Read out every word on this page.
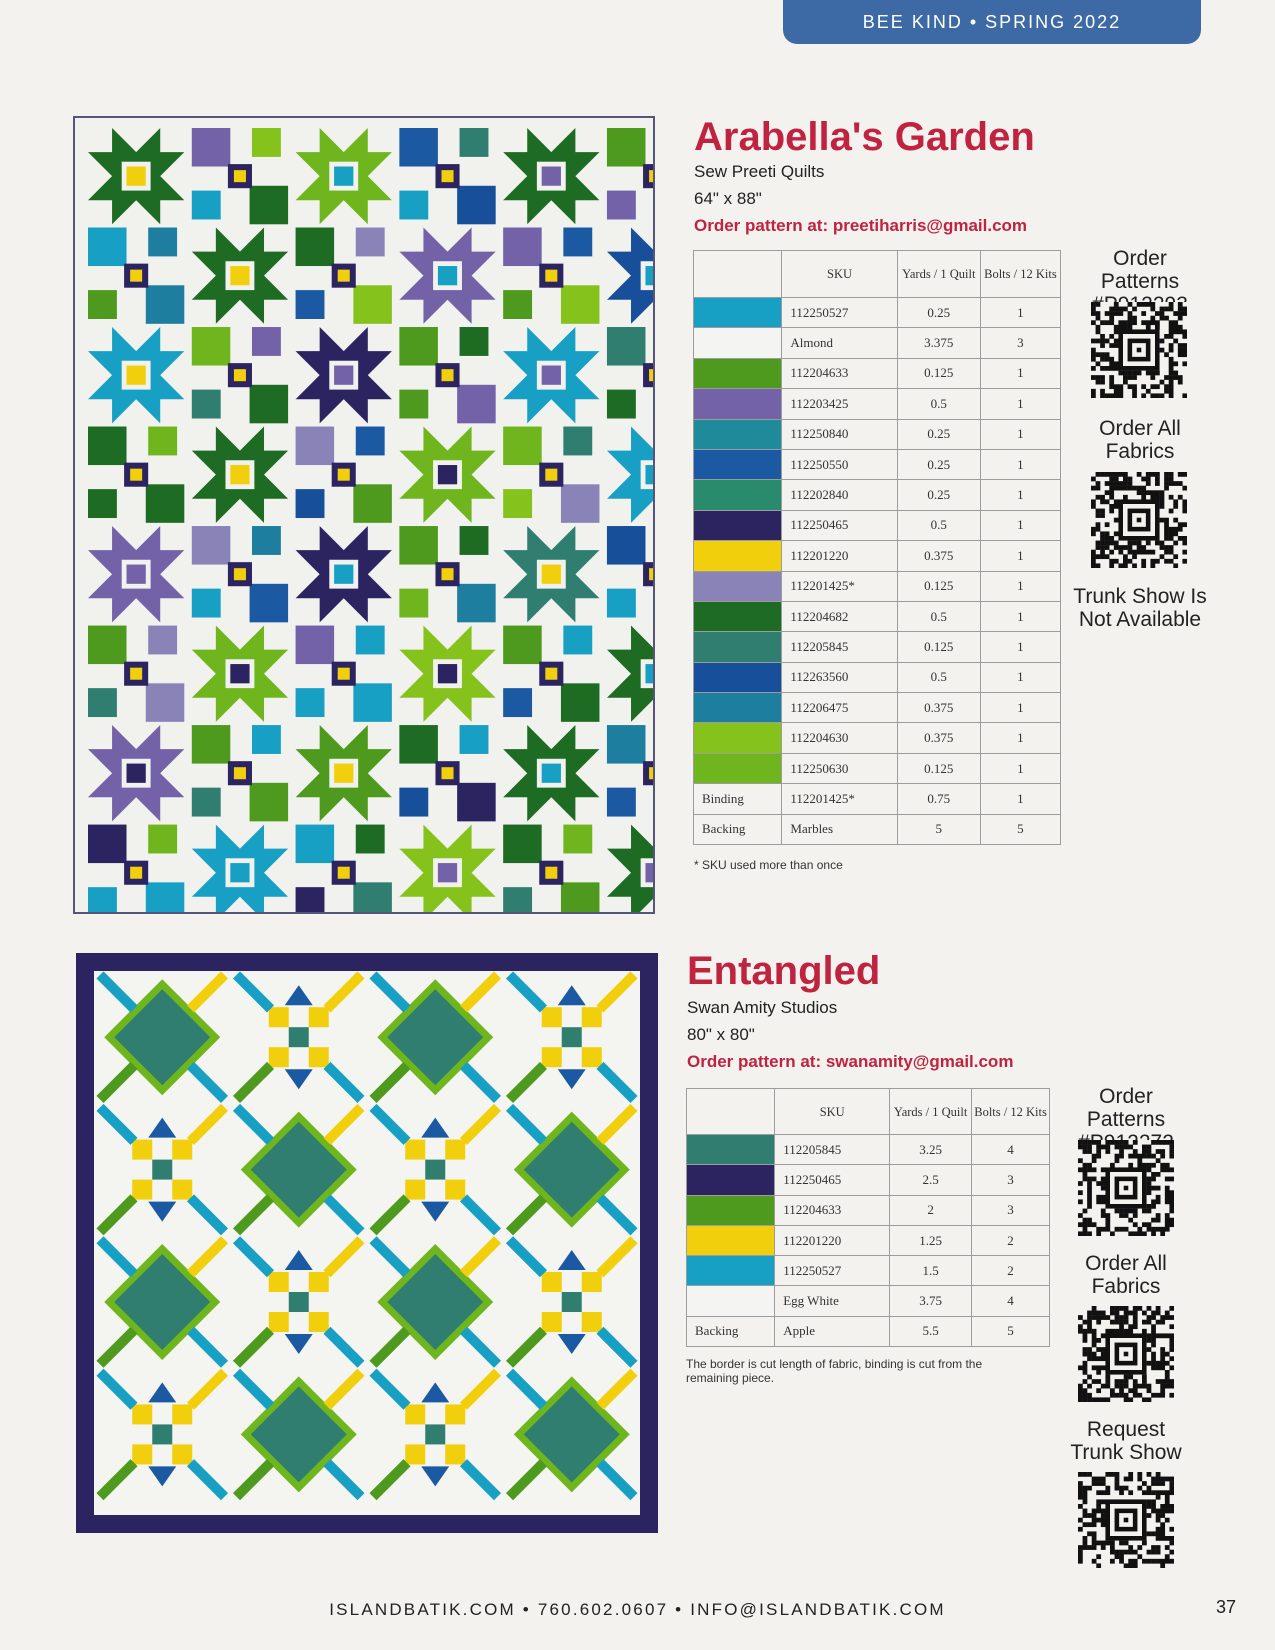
BEE KIND • SPRING 2022
Arabella's Garden
Sew Preeti Quilts
64" x 88"
Order pattern at: preetiharris@gmail.com
	SKU	Yards / 1 Quilt	Bolts / 12 Kits
	112250527	0.25	1
	Almond	3.375	3
	112204633	0.125	1
	112203425	0.5	1
	112250840	0.25	1
	112250550	0.25	1
	112202840	0.25	1
	112250465	0.5	1
	112201220	0.375	1
	112201425*	0.125	1
	112204682	0.5	1
	112205845	0.125	1
	112263560	0.5	1
	112206475	0.375	1
	112204630	0.375	1
	112250630	0.125	1
Binding	112201425*	0.75	1
Backing	Marbles	5	5
* SKU used more than once
Order Patterns
Order All Fabrics
Trunk Show Is Not Available
Entangled
Swan Amity Studios
80" x 80"
Order pattern at: swanamity@gmail.com
	SKU	Yards / 1 Quilt	Bolts / 12 Kits
	112205845	3.25	4
	112250465	2.5	3
	112204633	2	3
	112201220	1.25	2
	112250527	1.5	2
	Egg White	3.75	4
Backing	Apple	5.5	5
The border is cut length of fabric, binding is cut from the remaining piece.
Order Patterns
Order All Fabrics
Request Trunk Show
ISLANDBATIK.COM • 760.602.0607 • INFO@ISLANDBATIK.COM	37
